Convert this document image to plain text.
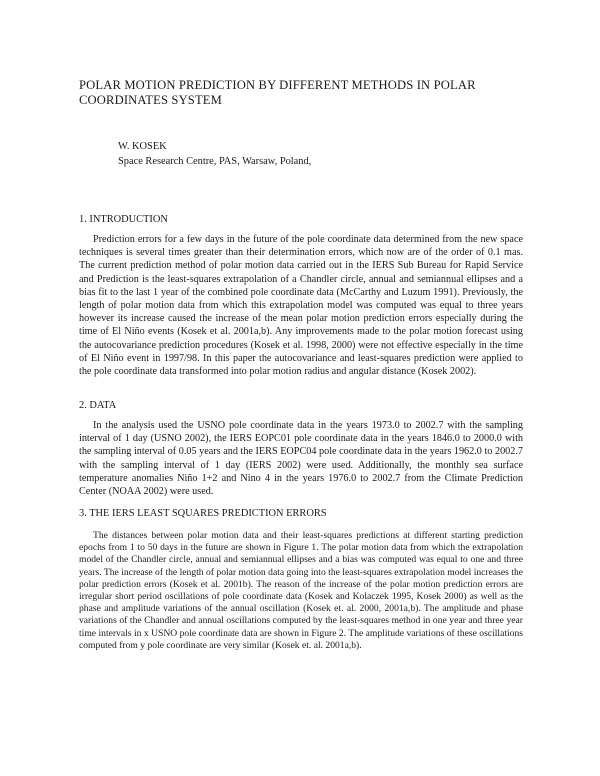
POLAR MOTION PREDICTION BY DIFFERENT METHODS IN POLAR COORDINATES SYSTEM
W. KOSEK
Space Research Centre, PAS, Warsaw, Poland,
1. INTRODUCTION

Prediction errors for a few days in the future of the pole coordinate data determined from the new space techniques is several times greater than their determination errors, which now are of the order of 0.1 mas. The current prediction method of polar motion data carried out in the IERS Sub Bureau for Rapid Service and Prediction is the least-squares extrapolation of a Chandler circle, annual and semiannual ellipses and a bias fit to the last 1 year of the combined pole coordinate data (McCarthy and Luzum 1991). Previously, the length of polar motion data from which this extrapolation model was computed was equal to three years however its increase caused the increase of the mean polar motion prediction errors especially during the time of El Niño events (Kosek et al. 2001a,b). Any improvements made to the polar motion forecast using the autocovariance prediction procedures (Kosek et al. 1998, 2000) were not effective especially in the time of El Niño event in 1997/98. In this paper the autocovariance and least-squares prediction were applied to the pole coordinate data transformed into polar motion radius and angular distance (Kosek 2002).

2. DATA

In the analysis used the USNO pole coordinate data in the years 1973.0 to 2002.7 with the sampling interval of 1 day (USNO 2002), the IERS EOPC01 pole coordinate data in the years 1846.0 to 2000.0 with the sampling interval of 0.05 years and the IERS EOPC04 pole coordinate data in the years 1962.0 to 2002.7 with the sampling interval of 1 day (IERS 2002) were used. Additionally, the monthly sea surface temperature anomalies Niño 1+2 and Nino 4 in the years 1976.0 to 2002.7 from the Climate Prediction Center (NOAA 2002) were used.

3. THE IERS LEAST SQUARES PREDICTION ERRORS

The distances between polar motion data and their least-squares predictions at different starting prediction epochs from 1 to 50 days in the future are shown in Figure 1. The polar motion data from which the extrapolation model of the Chandler circle, annual and semiannual ellipses and a bias was computed was equal to one and three years. The increase of the length of polar motion data going into the least-squares extrapolation model increases the polar prediction errors (Kosek et al. 2001b). The reason of the increase of the polar motion prediction errors are irregular short period oscillations of pole coordinate data (Kosek and Kolaczek 1995, Kosek 2000) as well as the phase and amplitude variations of the annual oscillation (Kosek et. al. 2000, 2001a,b). The amplitude and phase variations of the Chandler and annual oscillations computed by the least-squares method in one year and three year time intervals in x USNO pole coordinate data are shown in Figure 2. The amplitude variations of these oscillations computed from y pole coordinate are very similar (Kosek et. al. 2001a,b).
